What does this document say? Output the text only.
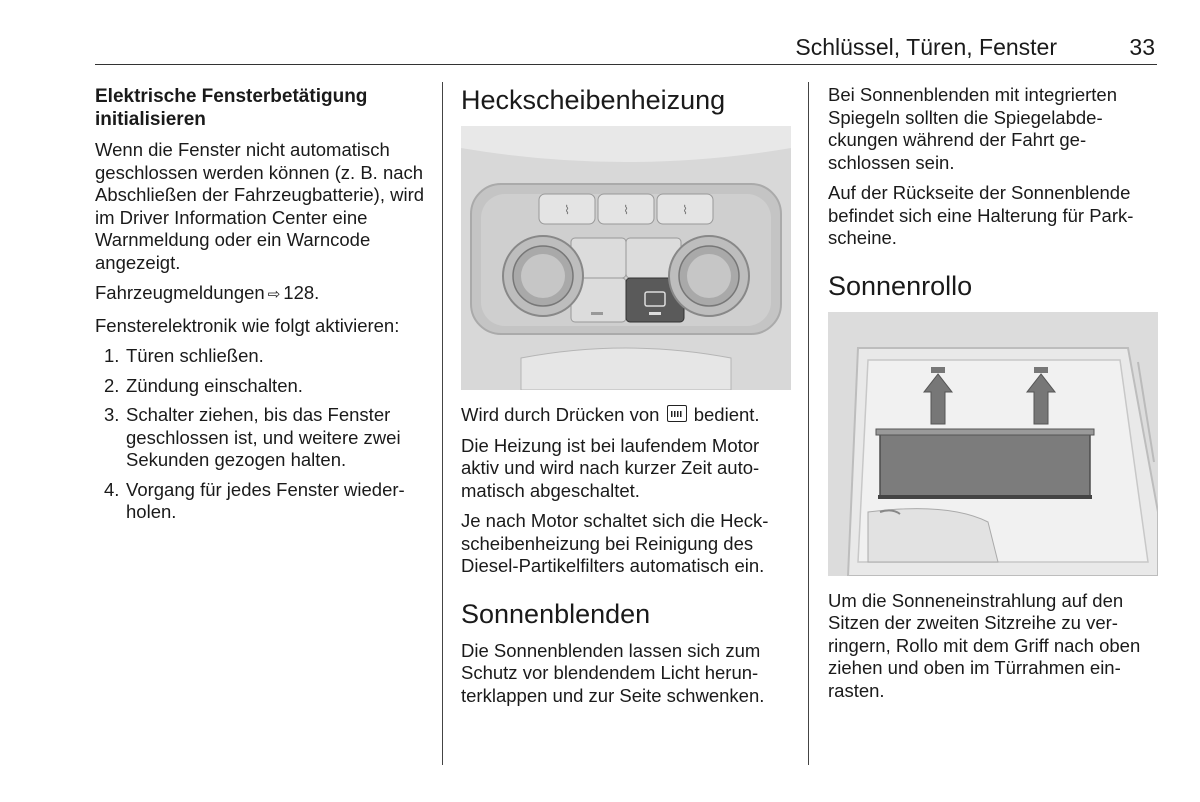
Schlüssel, Türen, Fenster	33
Elektrische Fensterbetätigung initialisieren

Wenn die Fenster nicht automatisch geschlossen werden können (z. B. nach Abschließen der Fahrzeugbatterie), wird im Driver Information Center eine Warnmeldung oder ein Warncode angezeigt.

Fahrzeugmeldungen ⇨ 128.

Fensterelektronik wie folgt aktivieren:

1. Türen schließen.
2. Zündung einschalten.
3. Schalter ziehen, bis das Fenster geschlossen ist, und weitere zwei Sekunden gezogen halten.
4. Vorgang für jedes Fenster wiederholen.
Heckscheibenheizung
⌇	⌇	⌇

Wird durch Drücken von bedient.

Die Heizung ist bei laufendem Motor aktiv und wird nach kurzer Zeit automatisch abgeschaltet.

Je nach Motor schaltet sich die Heckscheibenheizung bei Reinigung des Diesel-Partikelfilters automatisch ein.

Sonnenblenden

Die Sonnenblenden lassen sich zum Schutz vor blendendem Licht herunterklappen und zur Seite schwenken.

Bei Sonnenblenden mit integrierten Spiegeln sollten die Spiegelabdeckungen während der Fahrt geschlossen sein.

Auf der Rückseite der Sonnenblende befindet sich eine Halterung für Parkscheine.

Sonnenrollo

Um die Sonneneinstrahlung auf den Sitzen der zweiten Sitzreihe zu verringern, Rollo mit dem Griff nach oben ziehen und oben im Türrahmen einrasten.
